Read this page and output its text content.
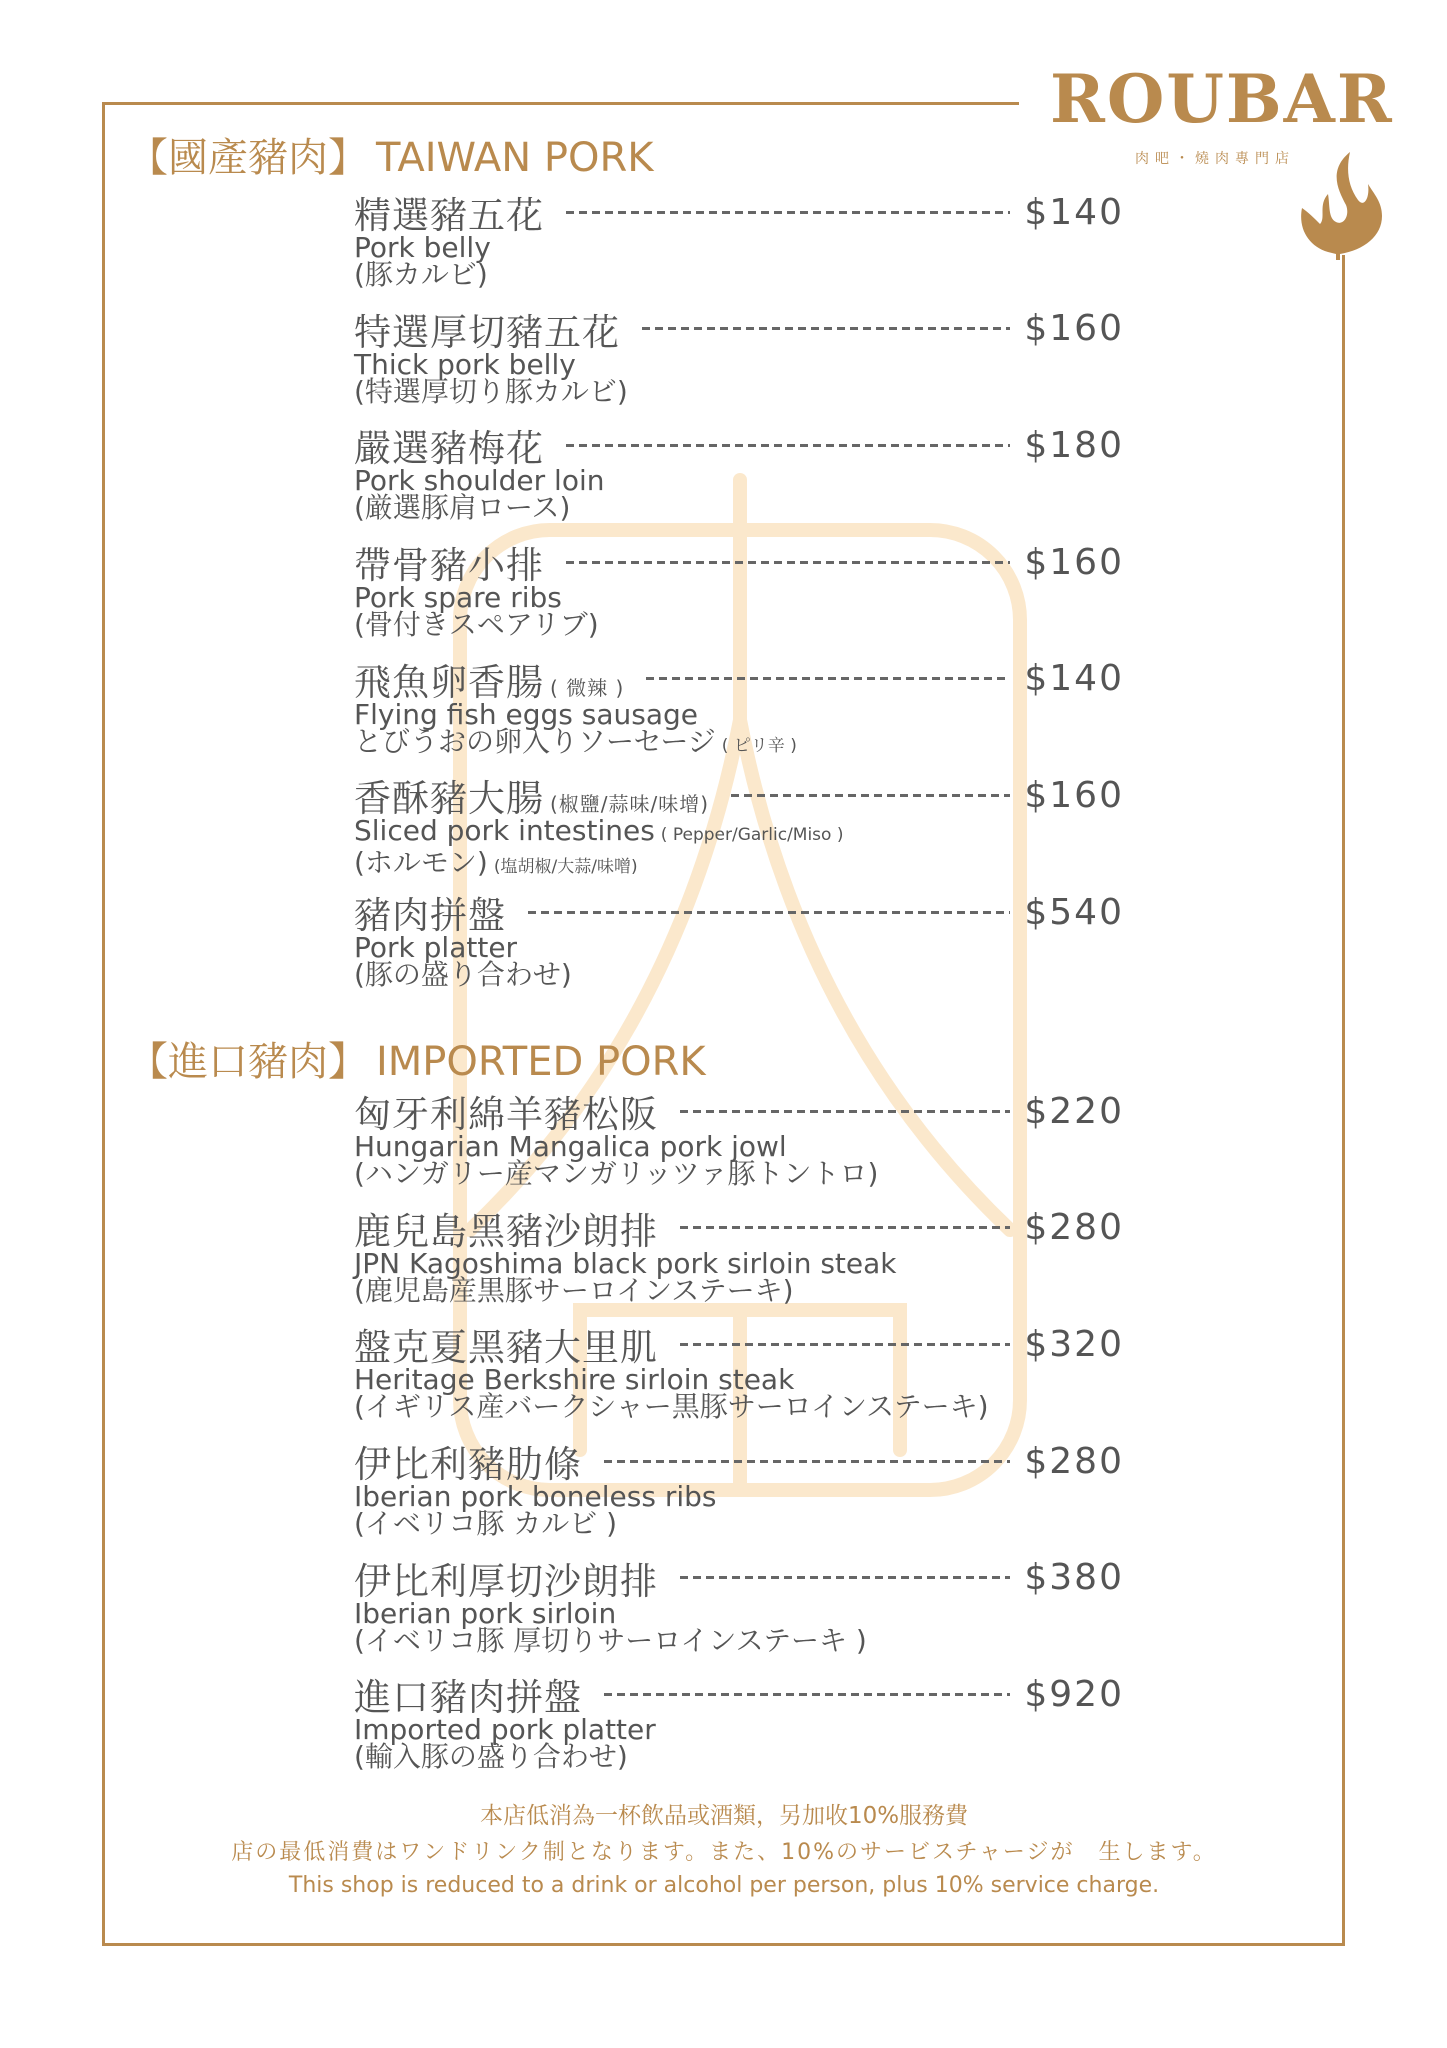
ROUBAR
肉吧・燒肉專門店
【國產豬肉】 TAIWAN PORK
精選豬五花	$140
Pork belly
(豚カルビ)
特選厚切豬五花	$160
Thick pork belly
(特選厚切り豚カルビ)
嚴選豬梅花	$180
Pork shoulder loin
(厳選豚肩ロース)
帶骨豬小排	$160
Pork spare ribs
(骨付きスペアリブ)
飛魚卵香腸 ( 微辣 )	$140
Flying fish eggs sausage
とびうおの卵入りソーセージ ( ピリ辛 )
香酥豬大腸 (椒鹽/蒜味/味增)	$160
Sliced pork intestines ( Pepper/Garlic/Miso )
(ホルモン) (塩胡椒/大蒜/味噌)
豬肉拼盤	$540
Pork platter
(豚の盛り合わせ)
【進口豬肉】 IMPORTED PORK
匈牙利綿羊豬松阪	$220
Hungarian Mangalica pork jowl
(ハンガリー産マンガリッツァ豚トントロ)
鹿兒島黑豬沙朗排	$280
JPN Kagoshima black pork sirloin steak
(鹿児島産黒豚サーロインステーキ)
盤克夏黑豬大里肌	$320
Heritage Berkshire sirloin steak
(イギリス産バークシャー黒豚サーロインステーキ)
伊比利豬肋條	$280
Iberian pork boneless ribs
(イベリコ豚 カルビ )
伊比利厚切沙朗排	$380
Iberian pork sirloin
(イベリコ豚 厚切りサーロインステーキ )
進口豬肉拼盤	$920
Imported pork platter
(輸入豚の盛り合わせ)
本店低消為一杯飲品或酒類，另加收10%服務費
店の最低消費はワンドリンク制となります。また、10%のサービスチャージが　生します。
This shop is reduced to a drink or alcohol per person, plus 10% service charge.
